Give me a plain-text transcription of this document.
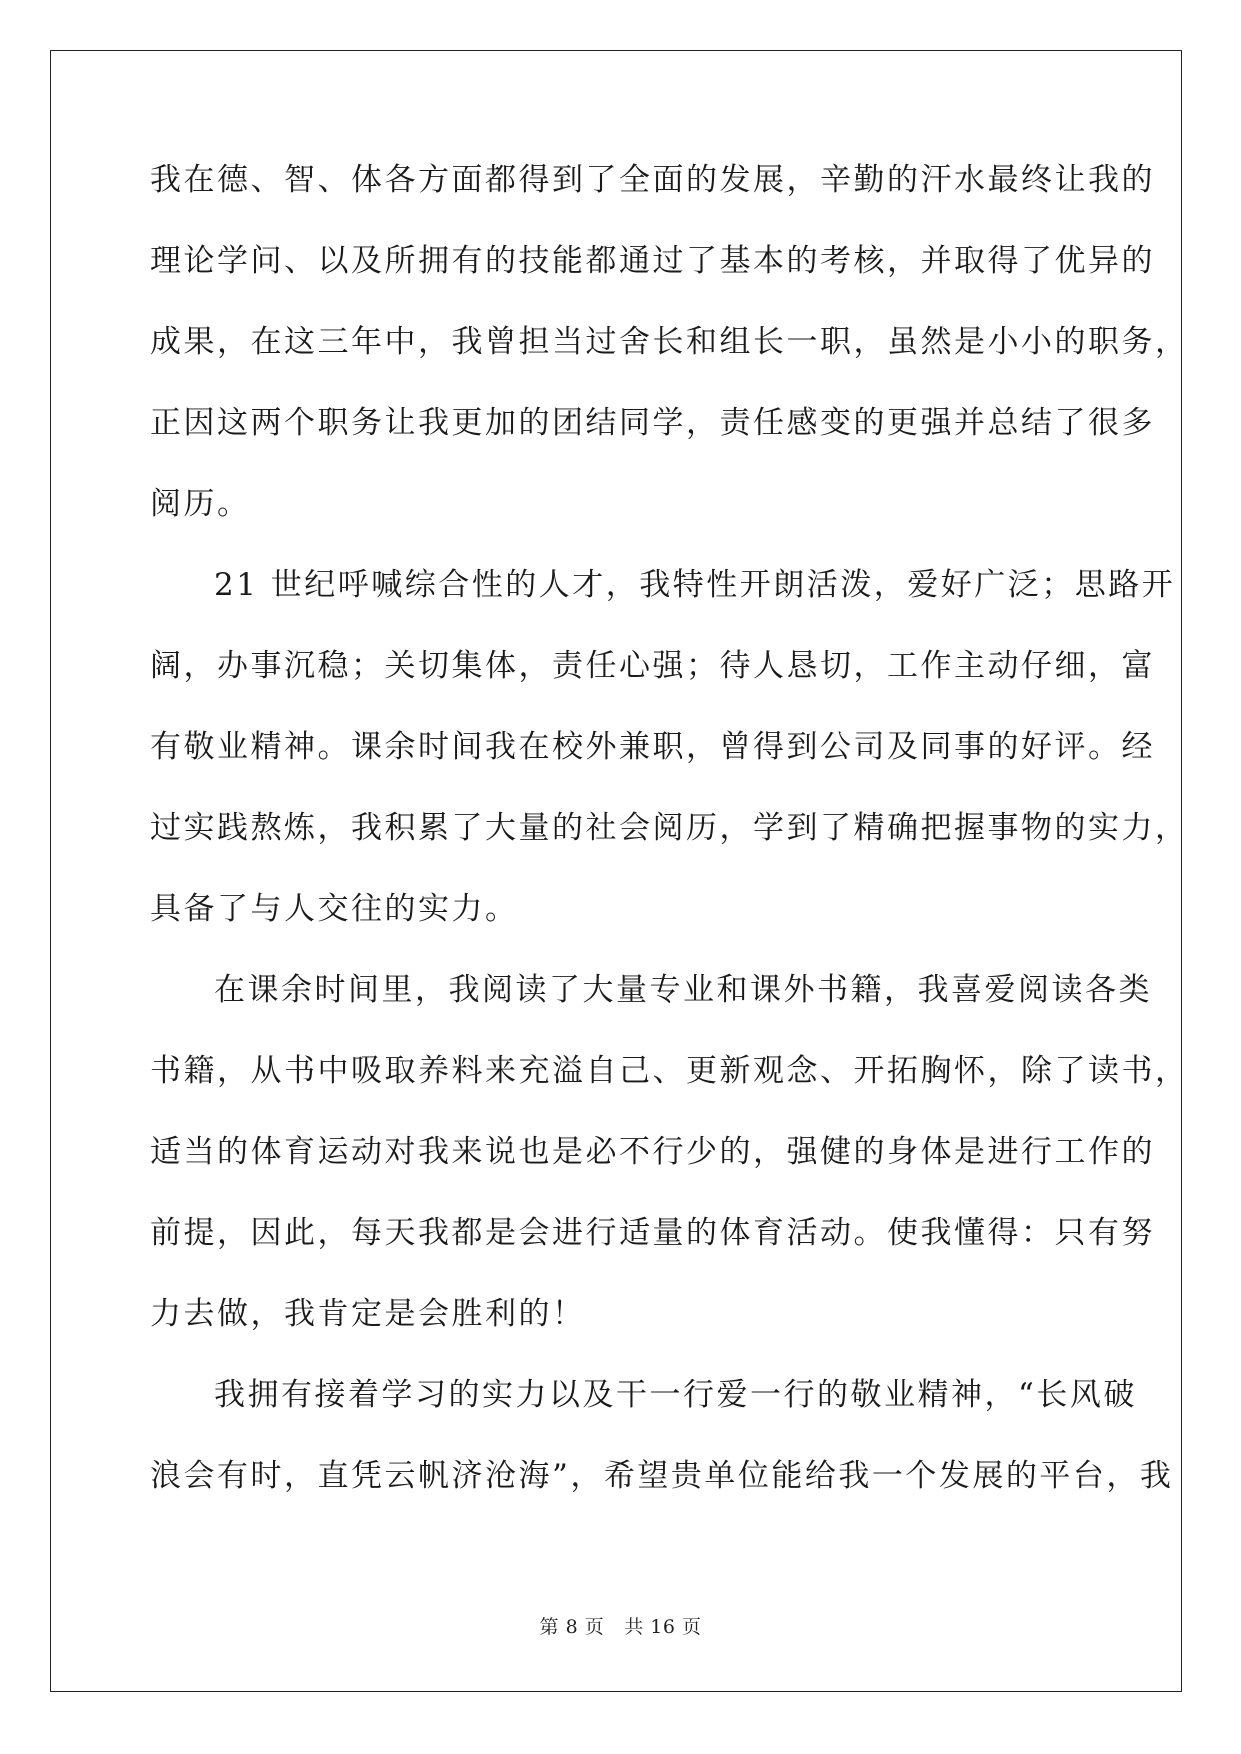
我在德、智、体各方面都得到了全面的发展，辛勤的汗水最终让我的
理论学问、以及所拥有的技能都通过了基本的考核，并取得了优异的
成果，在这三年中，我曾担当过舍长和组长一职，虽然是小小的职务，
正因这两个职务让我更加的团结同学，责任感变的更强并总结了很多
阅历。
21 世纪呼喊综合性的人才，我特性开朗活泼，爱好广泛；思路开
阔，办事沉稳；关切集体，责任心强；待人恳切，工作主动仔细，富
有敬业精神。课余时间我在校外兼职，曾得到公司及同事的好评。经
过实践熬炼，我积累了大量的社会阅历，学到了精确把握事物的实力，
具备了与人交往的实力。
在课余时间里，我阅读了大量专业和课外书籍，我喜爱阅读各类
书籍，从书中吸取养料来充溢自己、更新观念、开拓胸怀，除了读书，
适当的体育运动对我来说也是必不行少的，强健的身体是进行工作的
前提，因此，每天我都是会进行适量的体育活动。使我懂得：只有努
力去做，我肯定是会胜利的！
我拥有接着学习的实力以及干一行爱一行的敬业精神，“长风破
浪会有时，直凭云帆济沧海”，希望贵单位能给我一个发展的平台，我
第 8 页 共 16 页
